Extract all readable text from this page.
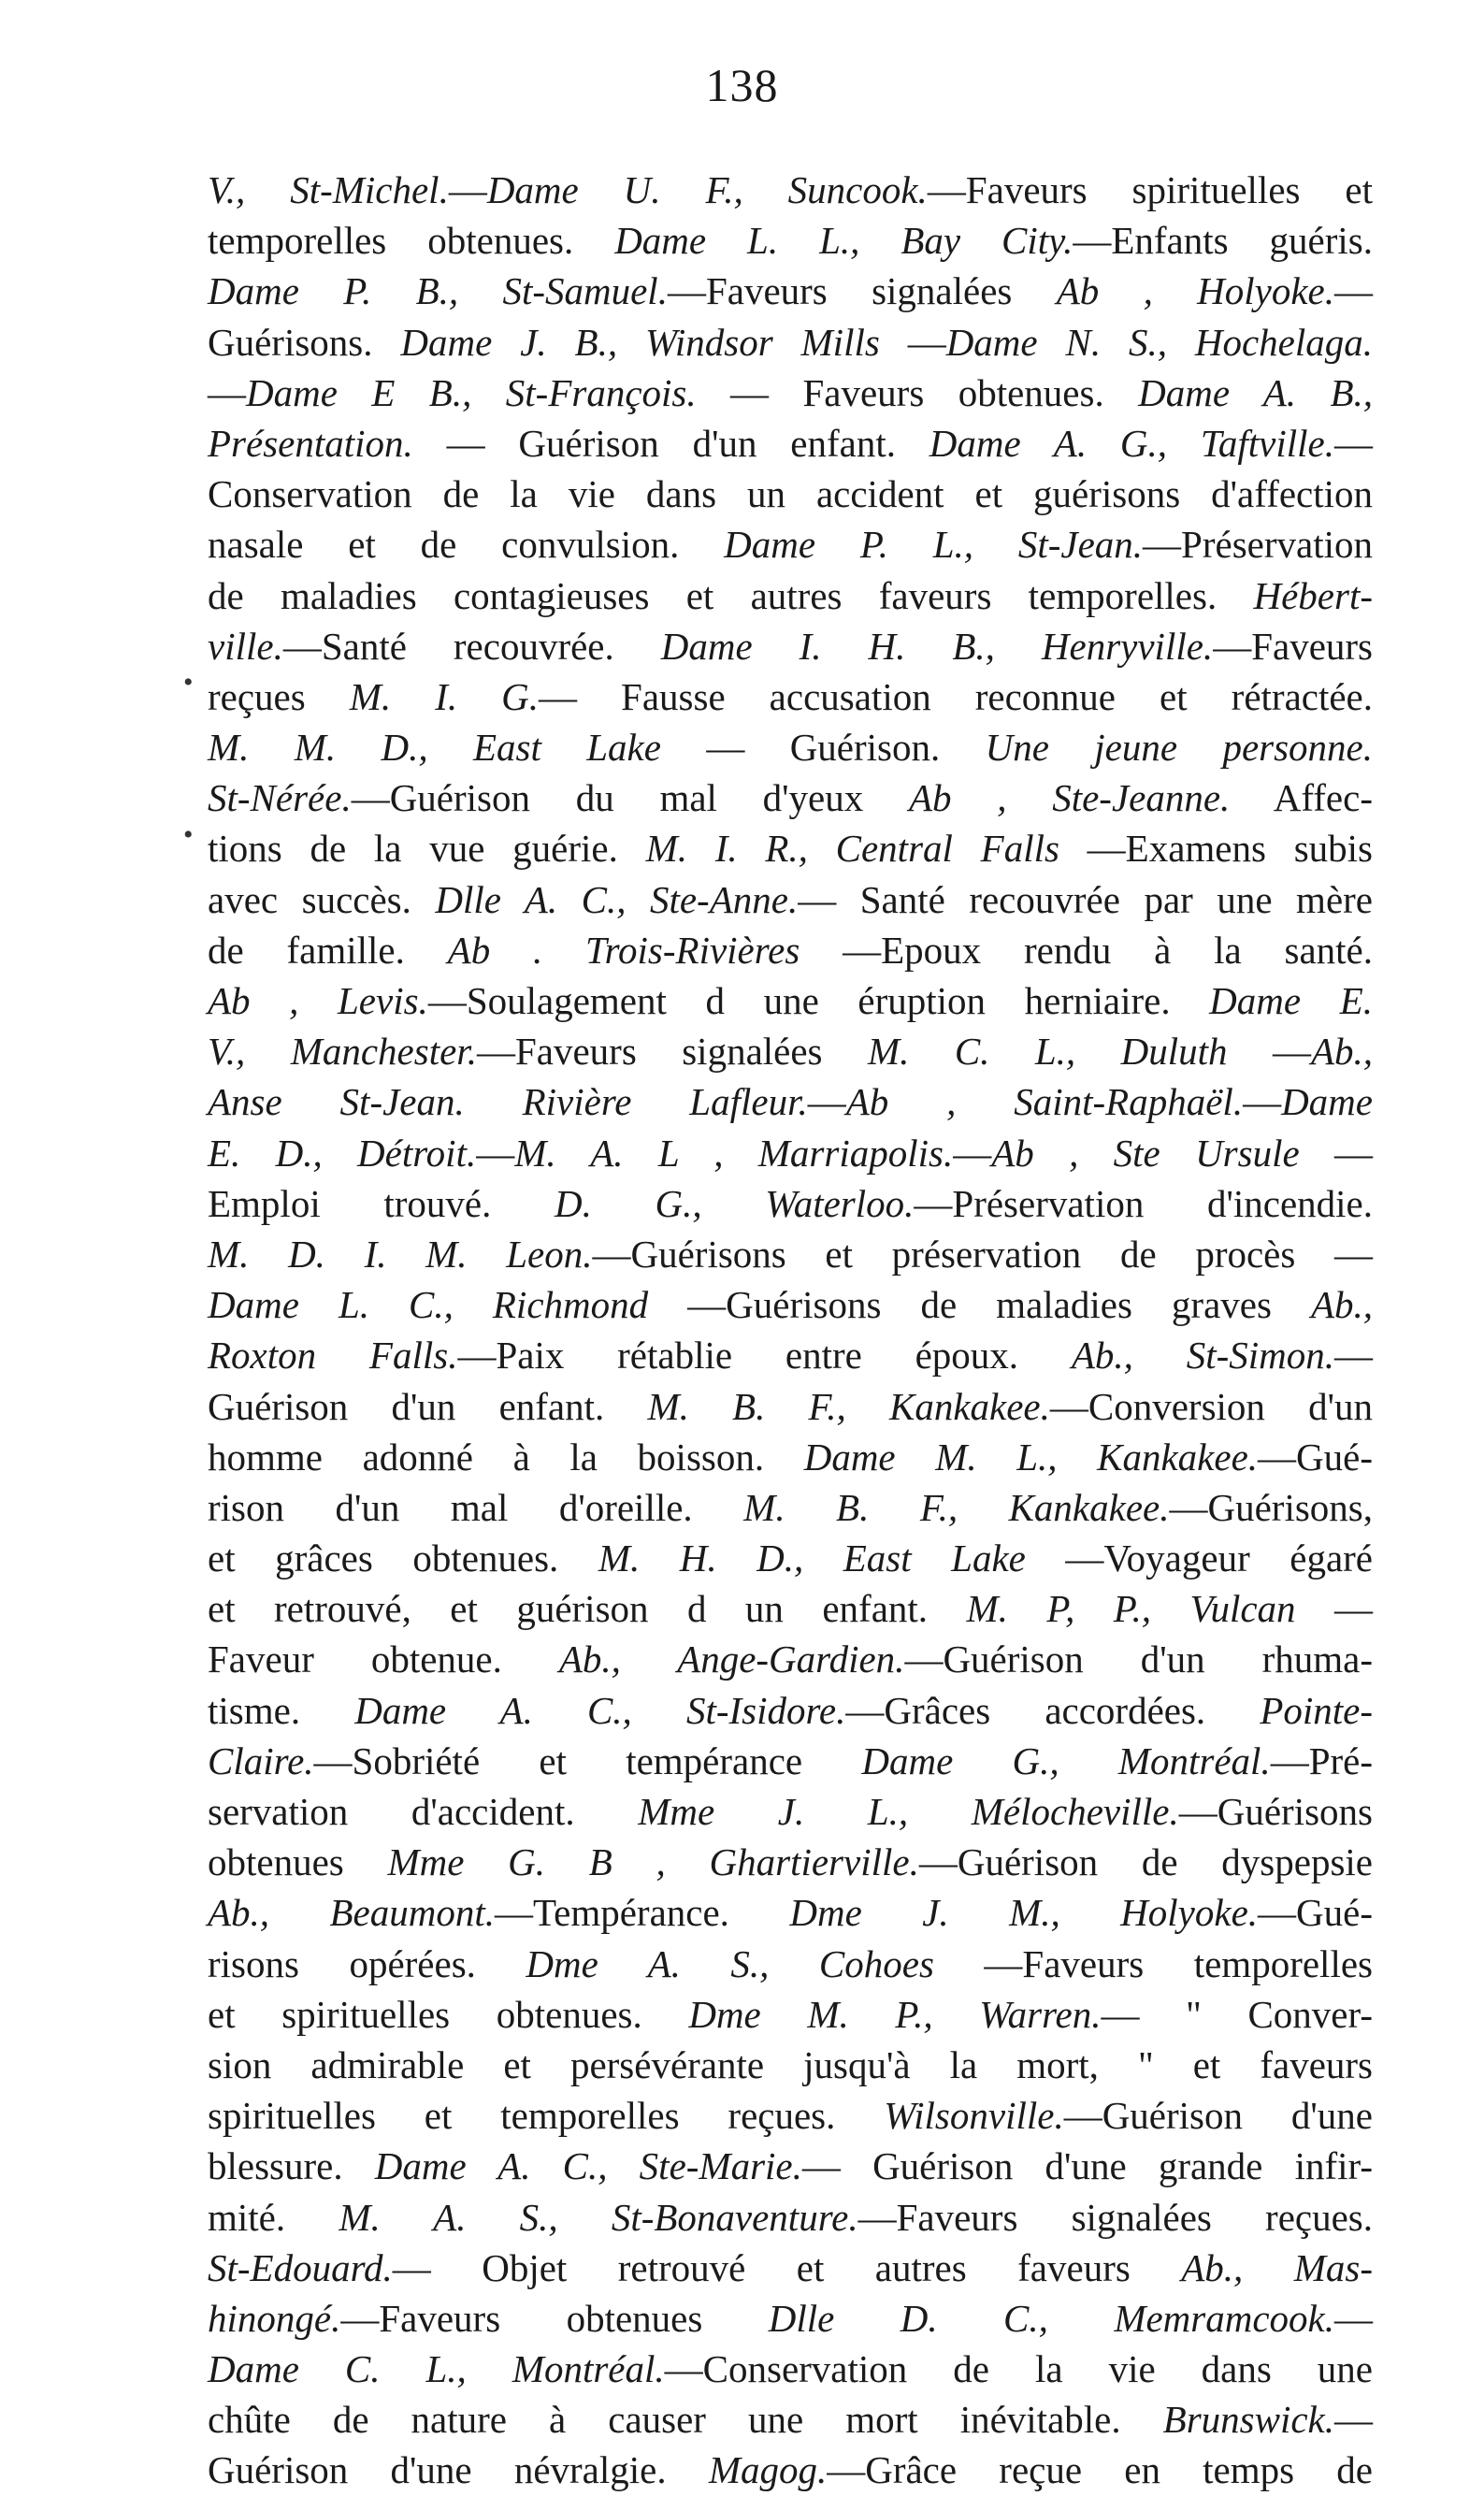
138
•
•
V., St-Michel.—Dame U. F., Suncook.—Faveurs spirituelles et
temporelles obtenues. Dame L. L., Bay City.—Enfants guéris.
Dame P. B., St-Samuel.—Faveurs signalées Ab , Holyoke.—
Guérisons. Dame J. B., Windsor Mills —Dame N. S., Hochelaga.
—Dame E B., St-François. — Faveurs obtenues. Dame A. B.,
Présentation. — Guérison d'un enfant. Dame A. G., Taftville.—
Conservation de la vie dans un accident et guérisons d'affection
nasale et de convulsion. Dame P. L., St-Jean.—Préservation
de maladies contagieuses et autres faveurs temporelles. Hébert-
ville.—Santé recouvrée. Dame I. H. B., Henryville.—Faveurs
reçues M. I. G.— Fausse accusation reconnue et rétractée.
M. M. D., East Lake — Guérison. Une jeune personne.
St-Nérée.—Guérison du mal d'yeux Ab , Ste-Jeanne. Affec-
tions de la vue guérie. M. I. R., Central Falls —Examens subis
avec succès. Dlle A. C., Ste-Anne.— Santé recouvrée par une mère
de famille. Ab . Trois-Rivières —Epoux rendu à la santé.
Ab , Levis.—Soulagement d une éruption herniaire. Dame E.
V., Manchester.—Faveurs signalées M. C. L., Duluth —Ab.,
Anse St-Jean. Rivière Lafleur.—Ab , Saint-Raphaël.—Dame
E. D., Détroit.—M. A. L , Marriapolis.—Ab , Ste Ursule —
Emploi trouvé. D. G., Waterloo.—Préservation d'incendie.
M. D. I. M. Leon.—Guérisons et préservation de procès —
Dame L. C., Richmond —Guérisons de maladies graves Ab.,
Roxton Falls.—Paix rétablie entre époux. Ab., St-Simon.—
Guérison d'un enfant. M. B. F., Kankakee.—Conversion d'un
homme adonné à la boisson. Dame M. L., Kankakee.—Gué-
rison d'un mal d'oreille. M. B. F., Kankakee.—Guérisons,
et grâces obtenues. M. H. D., East Lake —Voyageur égaré
et retrouvé, et guérison d un enfant. M. P, P., Vulcan —
Faveur obtenue. Ab., Ange-Gardien.—Guérison d'un rhuma-
tisme. Dame A. C., St-Isidore.—Grâces accordées. Pointe-
Claire.—Sobriété et tempérance Dame G., Montréal.—Pré-
servation d'accident. Mme J. L., Mélocheville.—Guérisons
obtenues Mme G. B , Ghartierville.—Guérison de dyspepsie
Ab., Beaumont.—Tempérance. Dme J. M., Holyoke.—Gué-
risons opérées. Dme A. S., Cohoes —Faveurs temporelles
et spirituelles obtenues. Dme M. P., Warren.— " Conver-
sion admirable et persévérante jusqu'à la mort, " et faveurs
spirituelles et temporelles reçues. Wilsonville.—Guérison d'une
blessure. Dame A. C., Ste-Marie.— Guérison d'une grande infir-
mité. M. A. S., St-Bonaventure.—Faveurs signalées reçues.
St-Edouard.— Objet retrouvé et autres faveurs Ab., Mas-
hinongé.—Faveurs obtenues Dlle D. C., Memramcook.—
Dame C. L., Montréal.—Conservation de la vie dans une
chûte de nature à causer une mort inévitable. Brunswick.—
Guérison d'une névralgie. Magog.—Grâce reçue en temps de
